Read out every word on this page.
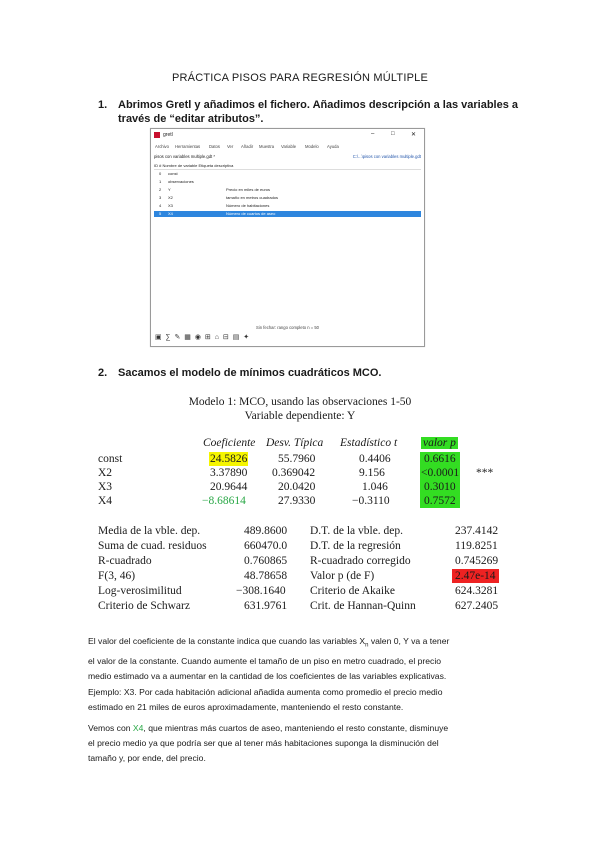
PRÁCTICA PISOS PARA REGRESIÓN MÚLTIPLE
1. Abrimos Gretl y añadimos el fichero. Añadimos descripción a las variables a
través de “editar atributos”.
gretl	–	□	✕
Archivo Herramientas Datos Ver Añadir Muestra Variable Modelo Ayuda
pisos con variables multiple.gdt *	C:\...\pisos con variables multiple.gdt
ID # Nombre de variable Etiqueta descriptiva
0 const
1 observaciones
2 Y	Precio en miles de euros
3 X2	tamaño en metros cuadrados
4 X3	Número de habitaciones
5 X4	Número de cuartos de aseo
Sin fechar: rango completo n = 50
▣ ∑ ✎ ▦ ◉ ⊞ ⌂ ⊟ ▤ ✦
2. Sacamos el modelo de mínimos cuadráticos MCO.
Modelo 1: MCO, usando las observaciones 1-50
Variable dependiente: Y
Coeficiente Desv. Típica Estadístico t valor p
const	24.5826	55.7960	0.4406	0.6616
X2	3.37890 0.369042	9.156	<0.0001 ***
X3	20.9644	20.0420	1.046	0.3010
X4	−8.68614	27.9330	−0.3110	0.7572
Media de la vble. dep.	489.8600 D.T. de la vble. dep.	237.4142
Suma de cuad. residuos	660470.0 D.T. de la regresión	119.8251
R-cuadrado	0.760865 R-cuadrado corregido	0.745269
F(3, 46)	48.78658 Valor p (de F)	2.47e-14
Log-verosimilitud	−308.1640 Criterio de Akaike	624.3281
Criterio de Schwarz	631.9761 Crit. de Hannan-Quinn	627.2405
El valor del coeficiente de la constante indica que cuando las variables $X_n$ valen 0, Y va a tener
el valor de la constante. Cuando aumente el tamaño de un piso en metro cuadrado, el precio
medio estimado va a aumentar en la cantidad de los coeficientes de las variables explicativas.
Ejemplo: X3. Por cada habitación adicional añadida aumenta como promedio el precio medio
estimado en 21 miles de euros aproximadamente, manteniendo el resto constante.
Vemos con X4, que mientras más cuartos de aseo, manteniendo el resto constante, disminuye
el precio medio ya que podría ser que al tener más habitaciones suponga la disminución del
tamaño y, por ende, del precio.
